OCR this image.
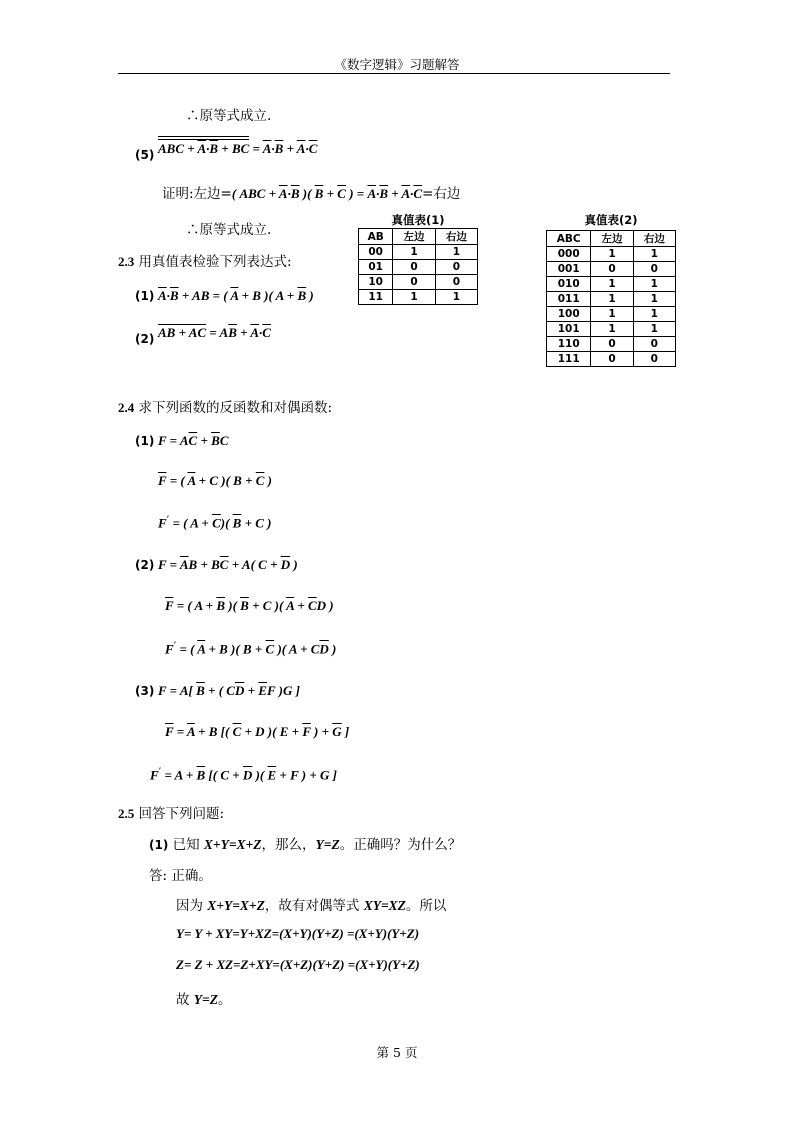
《数字逻辑》习题解答
∴原等式成立.
(5) ABC + $\overline{A}\cdot\overline{B}$ + BC = $\overline{A}\cdot\overline{B} + \overline{A}\cdot\overline{C}$
证明:左边=( ABC + $\overline{A}\cdot\overline{B}$ )( $\overline{B} + \overline{C}$ ) = $\overline{A}\cdot\overline{B} + \overline{A}\cdot\overline{C}=$右边
∴原等式成立.
2.3 用真值表检验下列表达式:
(1) $\overline{A}\cdot\overline{B}$ + AB = ( $\overline{A} + B$ )( $A + \overline{B}$ )
(2) $A\overline{B} + \overline{A}C = A\overline{B} + \overline{A}\cdot\overline{C}$
真值表(1)
AB	左边	右边
00	1	1
01	0	0
10	0	0
11	1	1
真值表(2)
ABC	左边	右边
000	1	1
001	0	0
010	1	1
011	1	1
100	1	1
101	1	1
110	0	0
111	0	0
2.4 求下列函数的反函数和对偶函数:
(1) $F = A\overline{C} + \overline{B}C$
$\overline{F}$ = ( $\overline{A} + C$ )( $B + \overline{C}$ )
F′ = ( $A + \overline{C}$)( $\overline{B} + C$ )
(2) $F = \overline{A}B + B\overline{C} + A$( $C + \overline{D}$ )
$\overline{F}$ = ( $A + \overline{B}$ )( $\overline{B} + C$ )( $\overline{A} + \overline{C}D$ )
F′ = ( $\overline{A} + B$ )( $B + \overline{C}$ )( $A + C\overline{D}$ )
(3) F = A[ $\overline{B}$ + ( $C\overline{D} + \overline{E}F$ )G ]
$\overline{F} = \overline{A} + B$ [( $\overline{C} + D$ )( $E + \overline{F}$ ) + $\overline{G}$ ]
$F' = A + \overline{B}$ [( $C + \overline{D}$ )( $\overline{E} + F$ ) + G ]
2.5 回答下列问题:
(1) 已知 X+Y=X+Z，那么，Y=Z。正确吗？为什么？
答: 正确。
因为 X+Y=X+Z，故有对偶等式 XY=XZ。所以
Y= Y + XY=Y+XZ=(X+Y)(Y+Z) =(X+Y)(Y+Z)
Z= Z + XZ=Z+XY=(X+Z)(Y+Z) =(X+Y)(Y+Z)
故 Y=Z。
第 5 页
